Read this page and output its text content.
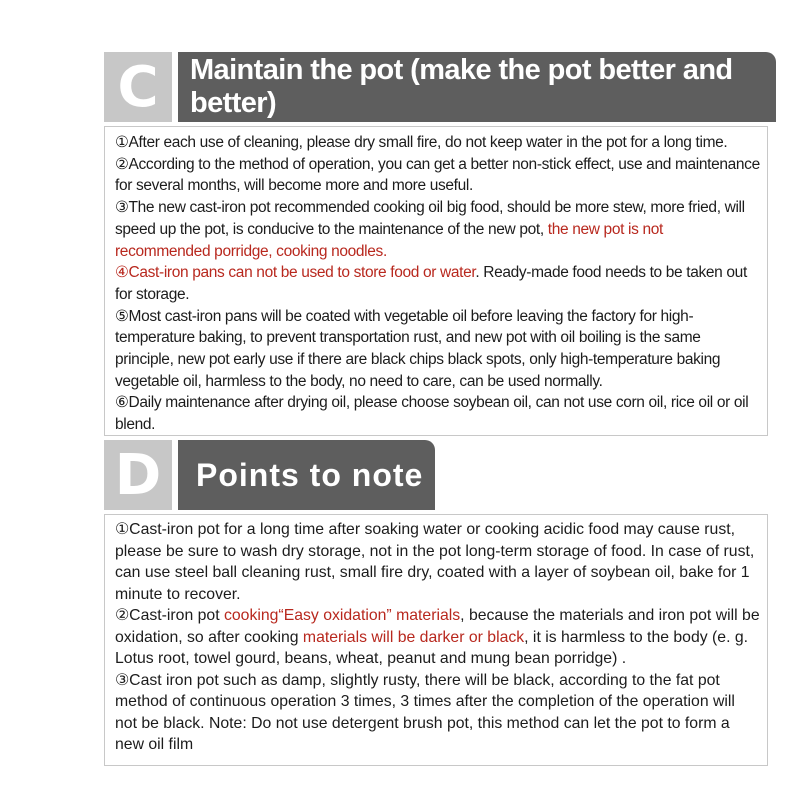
C	Maintain the pot (make the pot better and better)

①After each use of cleaning, please dry small fire, do not keep water in the pot for a long time.

②According to the method of operation, you can get a better non-stick effect, use and maintenance for several months, will become more and more useful.

③The new cast-iron pot recommended cooking oil big food, should be more stew, more fried, will speed up the pot, is conducive to the maintenance of the new pot, the new pot is not recommended porridge, cooking noodles.

④Cast-iron pans can not be used to store food or water. Ready-made food needs to be taken out for storage.

⑤Most cast-iron pans will be coated with vegetable oil before leaving the factory for high-temperature baking, to prevent transportation rust, and new pot with oil boiling is the same principle, new pot early use if there are black chips black spots, only high-temperature baking vegetable oil, harmless to the body, no need to care, can be used normally.

⑥Daily maintenance after drying oil, please choose soybean oil, can not use corn oil, rice oil or oil blend.

D	Points to note

①Cast-iron pot for a long time after soaking water or cooking acidic food may cause rust, please be sure to wash dry storage, not in the pot long-term storage of food. In case of rust, can use steel ball cleaning rust, small fire dry, coated with a layer of soybean oil, bake for 1 minute to recover.

②Cast-iron pot cooking“Easy oxidation” materials, because the materials and iron pot will be oxidation, so after cooking materials will be darker or black, it is harmless to the body (e. g. Lotus root, towel gourd, beans, wheat, peanut and mung bean porridge) .

③Cast iron pot such as damp, slightly rusty, there will be black, according to the fat pot method of continuous operation 3 times, 3 times after the completion of the operation will not be black. Note: Do not use detergent brush pot, this method can let the pot to form a new oil film
